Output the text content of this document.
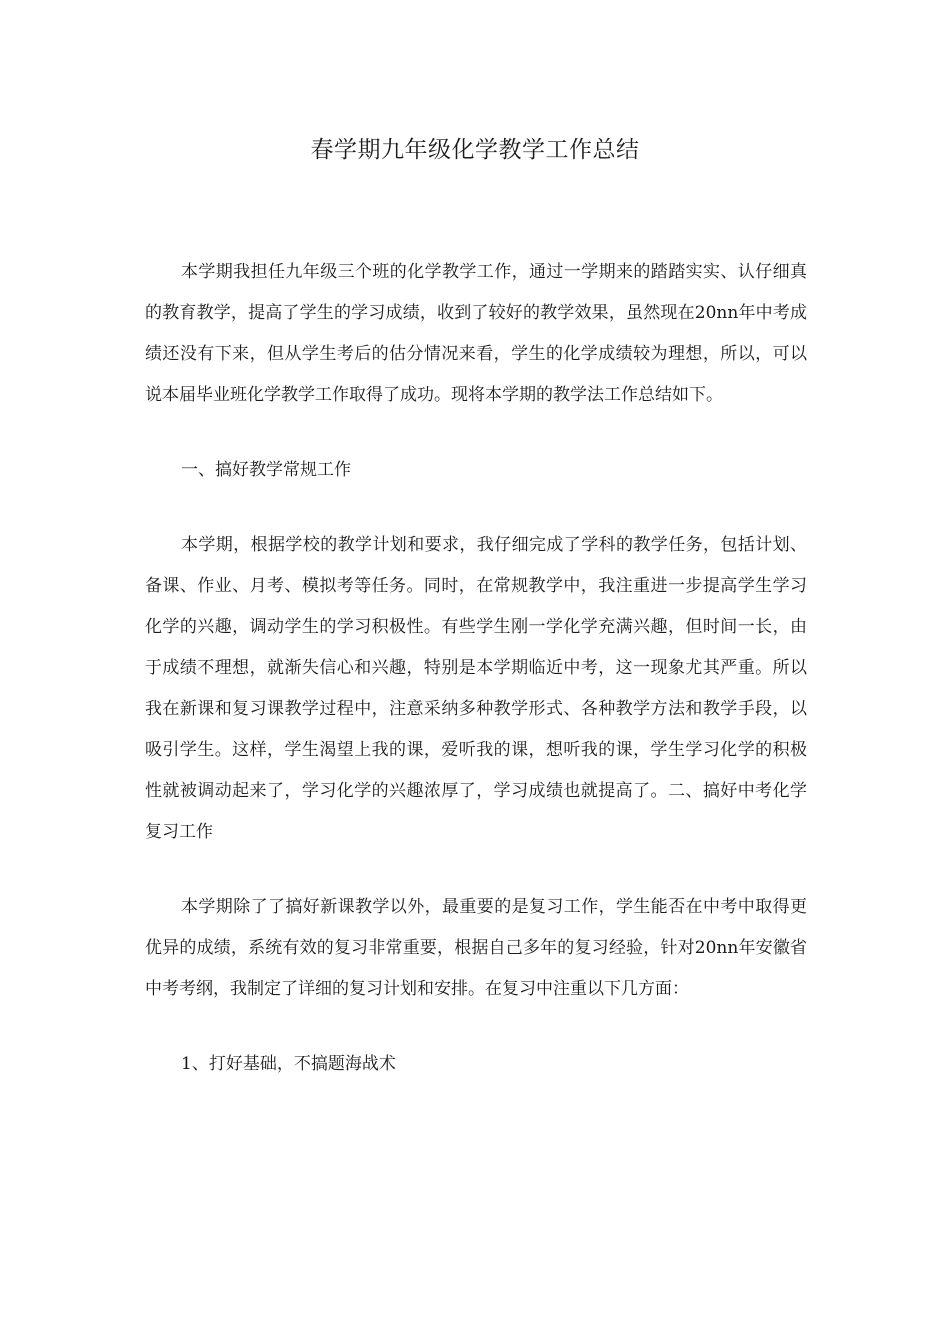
春学期九年级化学教学工作总结

本学期我担任九年级三个班的化学教学工作，通过一学期来的踏踏实实、认仔细真的教育教学，提高了学生的学习成绩，收到了较好的教学效果，虽然现在20nn年中考成绩还没有下来，但从学生考后的估分情况来看，学生的化学成绩较为理想，所以，可以说本届毕业班化学教学工作取得了成功。现将本学期的教学法工作总结如下。

一、搞好教学常规工作

本学期，根据学校的教学计划和要求，我仔细完成了学科的教学任务，包括计划、备课、作业、月考、模拟考等任务。同时，在常规教学中，我注重进一步提高学生学习化学的兴趣，调动学生的学习积极性。有些学生刚一学化学充满兴趣，但时间一长，由于成绩不理想，就渐失信心和兴趣，特别是本学期临近中考，这一现象尤其严重。所以我在新课和复习课教学过程中，注意采纳多种教学形式、各种教学方法和教学手段，以吸引学生。这样，学生渴望上我的课，爱听我的课，想听我的课，学生学习化学的积极性就被调动起来了，学习化学的兴趣浓厚了，学习成绩也就提高了。二、搞好中考化学复习工作

本学期除了了搞好新课教学以外，最重要的是复习工作，学生能否在中考中取得更优异的成绩，系统有效的复习非常重要，根据自己多年的复习经验，针对20nn年安徽省中考考纲，我制定了详细的复习计划和安排。在复习中注重以下几方面：

1、打好基础，不搞题海战术
